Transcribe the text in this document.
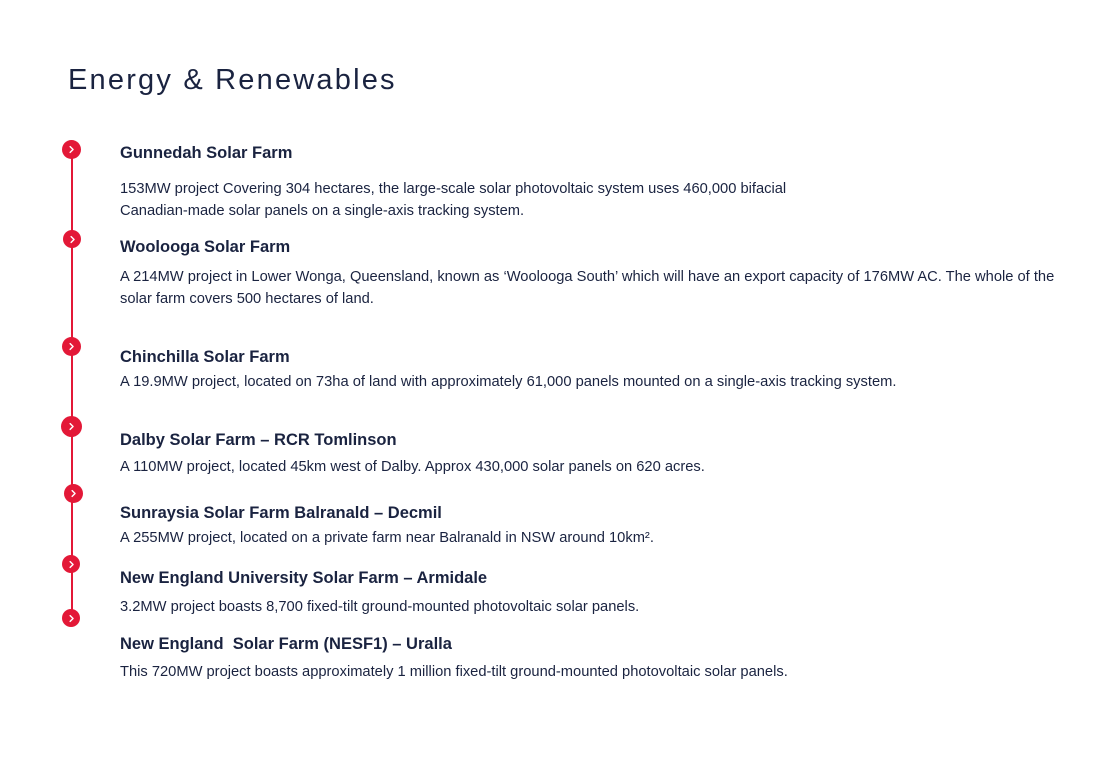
Energy & Renewables
Gunnedah Solar Farm

153MW project Covering 304 hectares, the large-scale solar photovoltaic system uses 460,000 bifacial Canadian-made solar panels on a single-axis tracking system.

Woolooga Solar Farm

A 214MW project in Lower Wonga, Queensland, known as ‘Woolooga South’ which will have an export capacity of 176MW AC. The whole of the solar farm covers 500 hectares of land.

Chinchilla Solar Farm

A 19.9MW project, located on 73ha of land with approximately 61,000 panels mounted on a single-axis tracking system.

Dalby Solar Farm – RCR Tomlinson

A 110MW project, located 45km west of Dalby. Approx 430,000 solar panels on 620 acres.

Sunraysia Solar Farm Balranald – Decmil

A 255MW project, located on a private farm near Balranald in NSW around 10km².

New England University Solar Farm – Armidale

3.2MW project boasts 8,700 fixed-tilt ground-mounted photovoltaic solar panels.

New England  Solar Farm (NESF1) – Uralla

This 720MW project boasts approximately 1 million fixed-tilt ground-mounted photovoltaic solar panels.
